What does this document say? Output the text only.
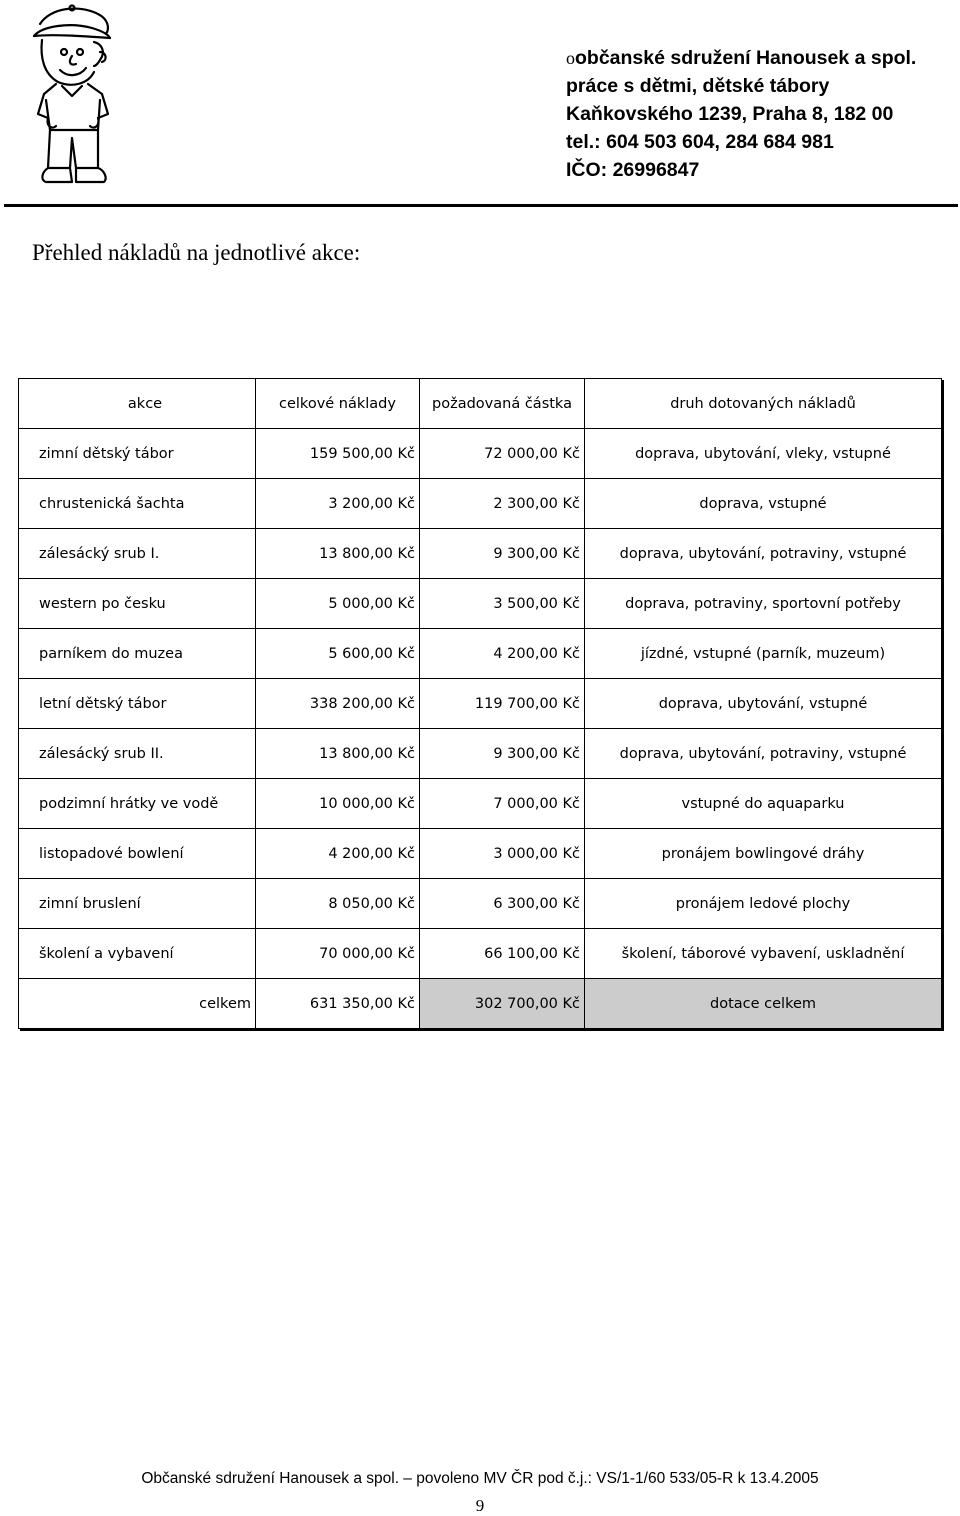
oobčanské sdružení Hanousek a spol.
práce s dětmi, dětské tábory
Kaňkovského 1239, Praha 8, 182 00
tel.: 604 503 604, 284 684 981
IČO: 26996847
Přehled nákladů na jednotlivé akce:
akce	celkové náklady	požadovaná částka	druh dotovaných nákladů
zimní dětský tábor	159 500,00 Kč	72 000,00 Kč	doprava, ubytování, vleky, vstupné
chrustenická šachta	3 200,00 Kč	2 300,00 Kč	doprava, vstupné
zálesácký srub I.	13 800,00 Kč	9 300,00 Kč	doprava, ubytování, potraviny, vstupné
western po česku	5 000,00 Kč	3 500,00 Kč	doprava, potraviny, sportovní potřeby
parníkem do muzea	5 600,00 Kč	4 200,00 Kč	jízdné, vstupné (parník, muzeum)
letní dětský tábor	338 200,00 Kč	119 700,00 Kč	doprava, ubytování, vstupné
zálesácký srub II.	13 800,00 Kč	9 300,00 Kč	doprava, ubytování, potraviny, vstupné
podzimní hrátky ve vodě	10 000,00 Kč	7 000,00 Kč	vstupné do aquaparku
listopadové bowlení	4 200,00 Kč	3 000,00 Kč	pronájem bowlingové dráhy
zimní bruslení	8 050,00 Kč	6 300,00 Kč	pronájem ledové plochy
školení a vybavení	70 000,00 Kč	66 100,00 Kč	školení, táborové vybavení, uskladnění
celkem	631 350,00 Kč	302 700,00 Kč	dotace celkem
Občanské sdružení Hanousek a spol. – povoleno MV ČR pod č.j.: VS/1-1/60 533/05-R k 13.4.2005
9
